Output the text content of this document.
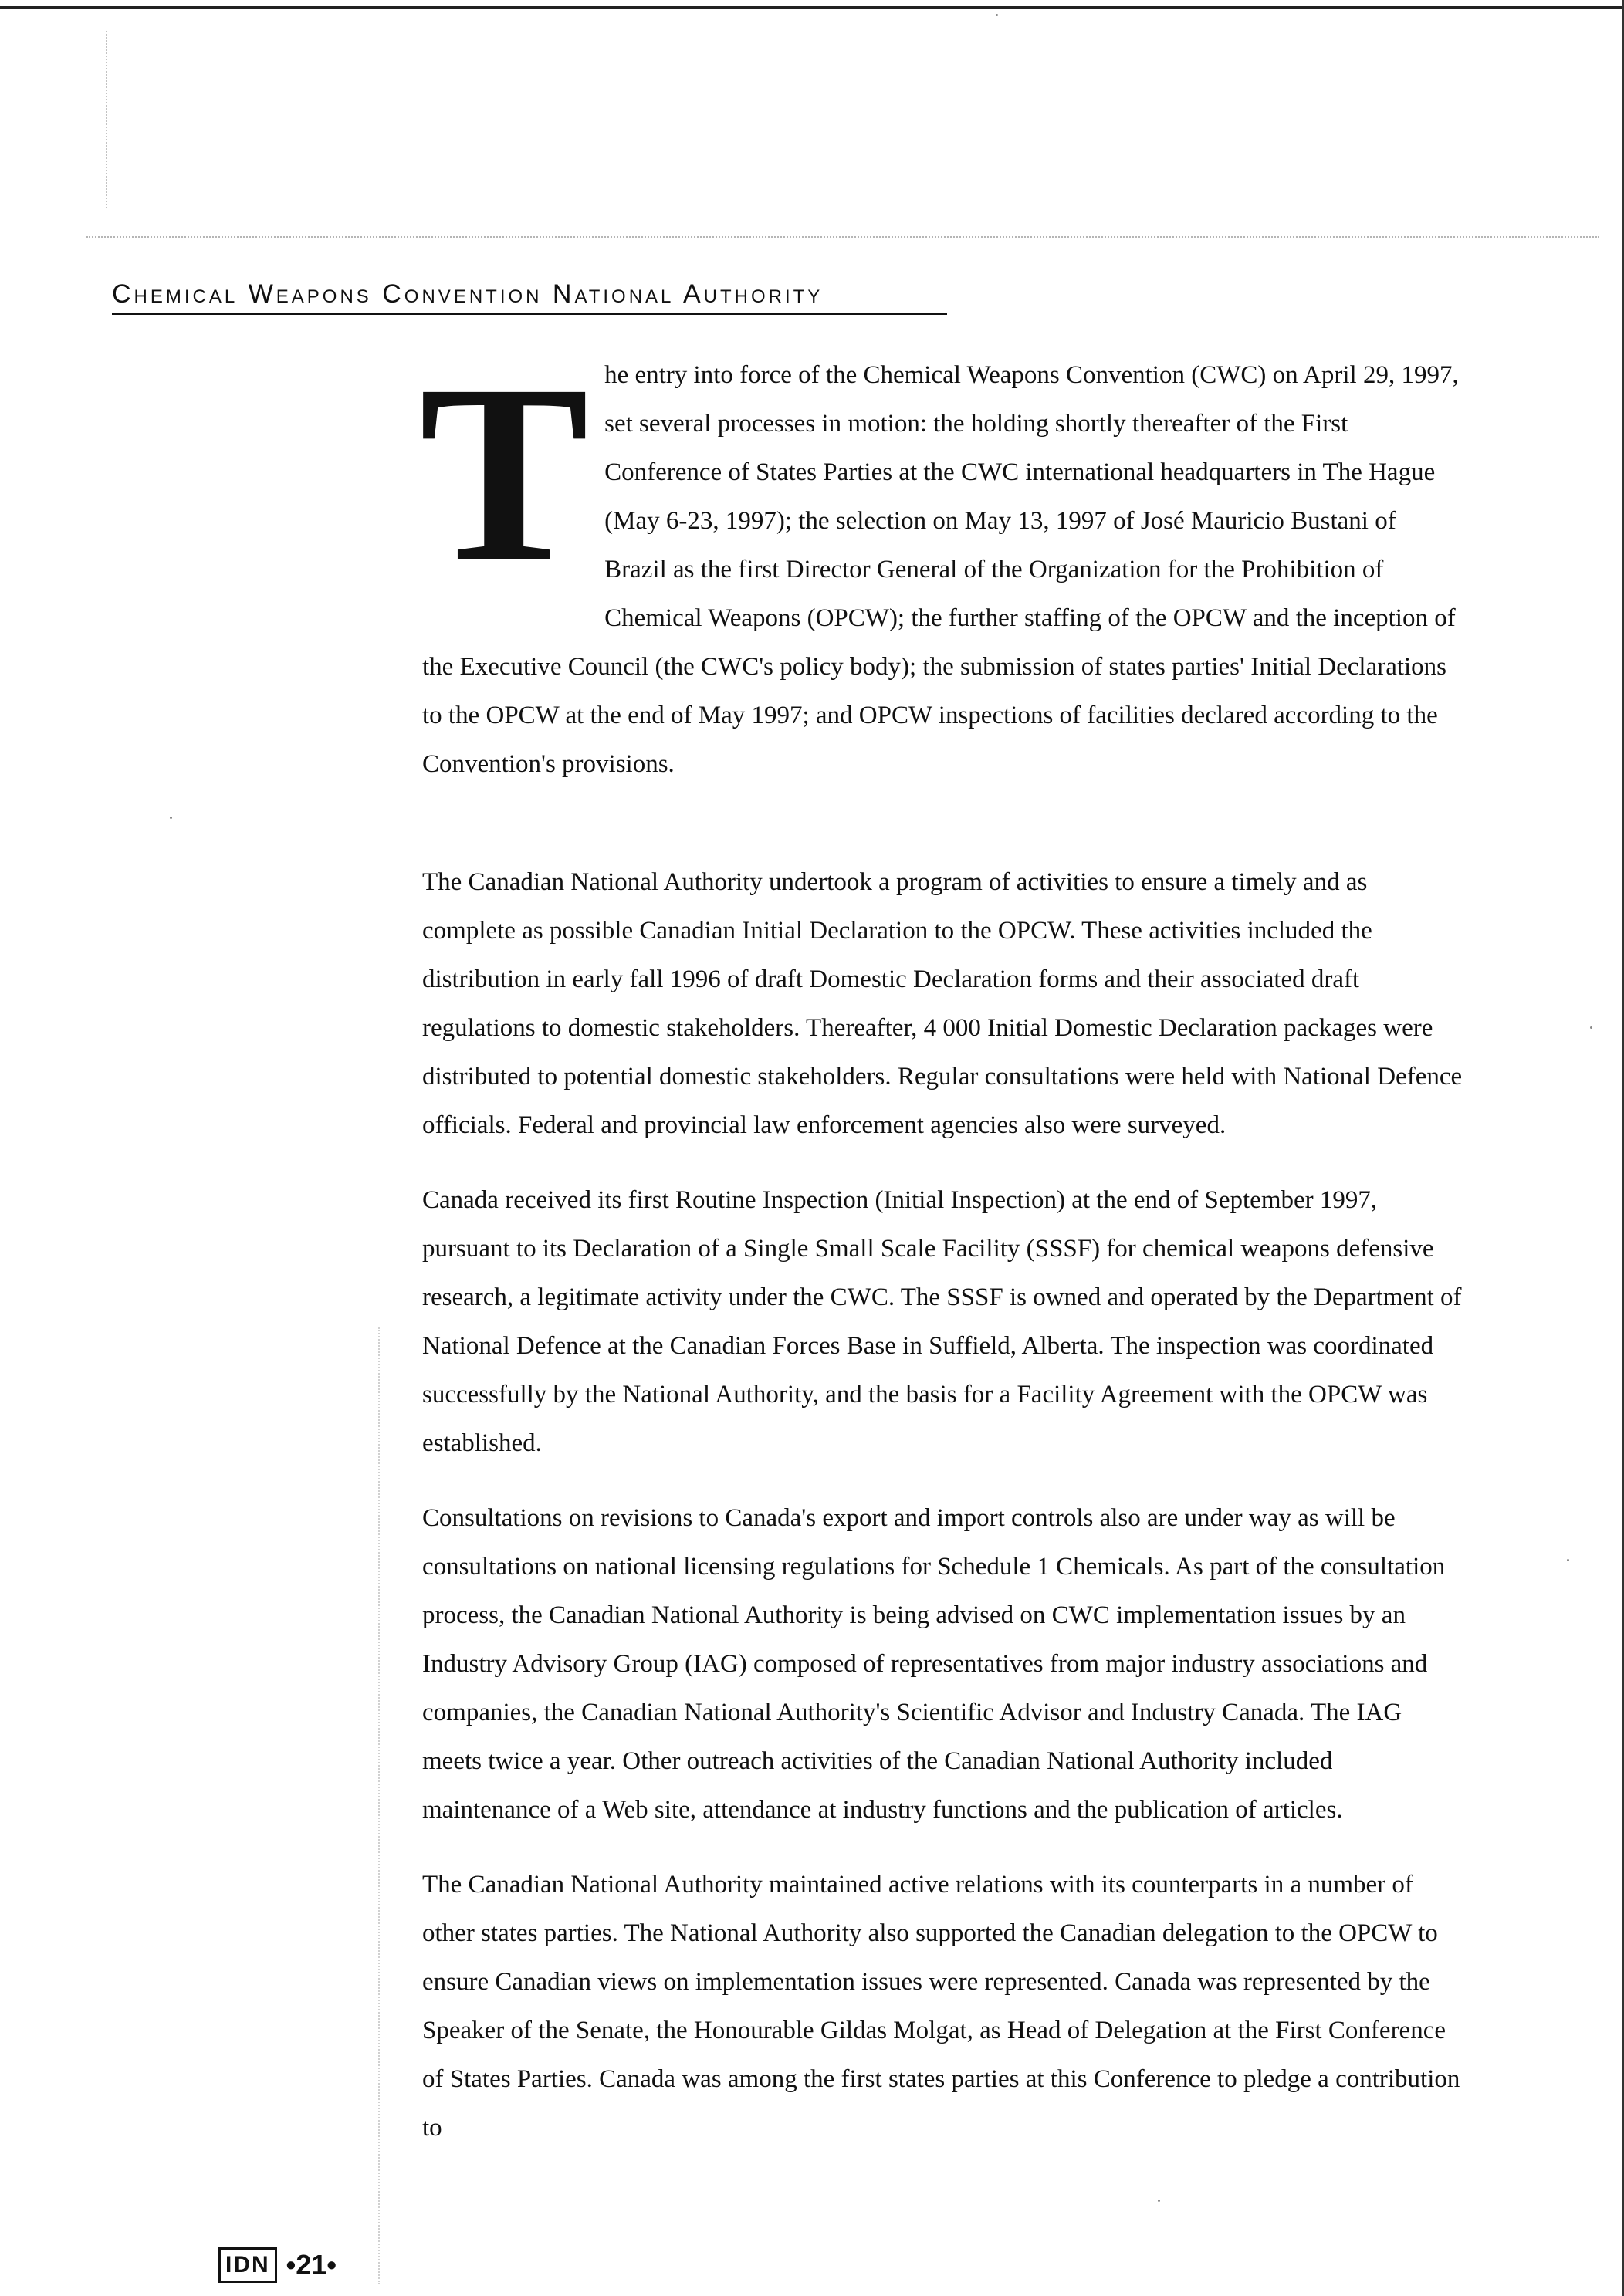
Chemical Weapons Convention National Authority

The entry into force of the Chemical Weapons Convention (CWC) on April 29, 1997, set several processes in motion: the holding shortly thereafter of the First Conference of States Parties at the CWC international headquarters in The Hague (May 6-23, 1997); the selection on May 13, 1997 of José Mauricio Bustani of Brazil as the first Director General of the Organization for the Prohibition of Chemical Weapons (OPCW); the further staffing of the OPCW and the inception of the Executive Council (the CWC's policy body); the submission of states parties' Initial Declarations to the OPCW at the end of May 1997; and OPCW inspections of facilities declared according to the Convention's provisions.

The Canadian National Authority undertook a program of activities to ensure a timely and as complete as possible Canadian Initial Declaration to the OPCW. These activities included the distribution in early fall 1996 of draft Domestic Declaration forms and their associated draft regulations to domestic stakeholders. Thereafter, 4 000 Initial Domestic Declaration packages were distributed to potential domestic stakeholders. Regular consultations were held with National Defence officials. Federal and provincial law enforcement agencies also were surveyed.

Canada received its first Routine Inspection (Initial Inspection) at the end of September 1997, pursuant to its Declaration of a Single Small Scale Facility (SSSF) for chemical weapons defensive research, a legitimate activity under the CWC. The SSSF is owned and operated by the Department of National Defence at the Canadian Forces Base in Suffield, Alberta. The inspection was coordinated successfully by the National Authority, and the basis for a Facility Agreement with the OPCW was established.

Consultations on revisions to Canada's export and import controls also are under way as will be consultations on national licensing regulations for Schedule 1 Chemicals. As part of the consultation process, the Canadian National Authority is being advised on CWC implementation issues by an Industry Advisory Group (IAG) composed of representatives from major industry associations and companies, the Canadian National Authority's Scientific Advisor and Industry Canada. The IAG meets twice a year. Other outreach activities of the Canadian National Authority included maintenance of a Web site, attendance at industry functions and the publication of articles.

The Canadian National Authority maintained active relations with its counterparts in a number of other states parties. The National Authority also supported the Canadian delegation to the OPCW to ensure Canadian views on implementation issues were represented. Canada was represented by the Speaker of the Senate, the Honourable Gildas Molgat, as Head of Delegation at the First Conference of States Parties. Canada was among the first states parties at this Conference to pledge a contribution to

IDN •21•
